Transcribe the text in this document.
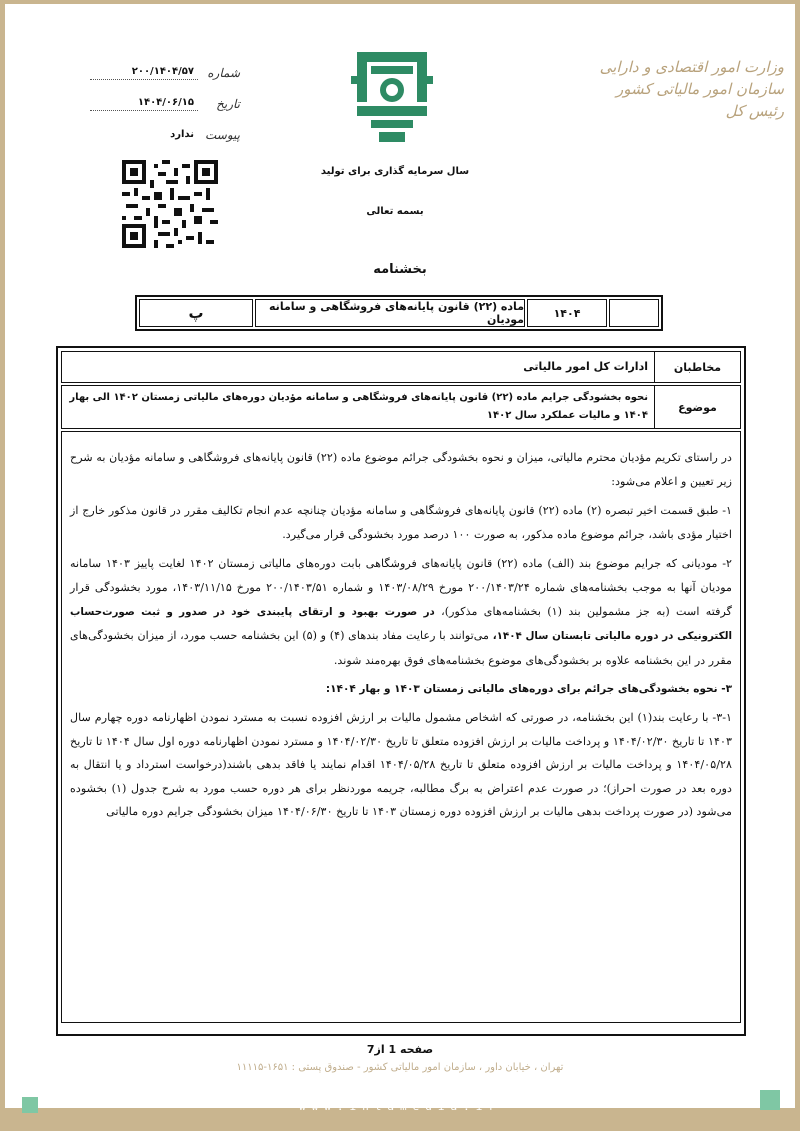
وزارت امور اقتصادی و دارایی
سازمان امور مالیاتی کشور
رئیس کل
سال سرمایه گذاری برای تولید
بسمه تعالی
بخشنامه
شماره
۲۰۰/۱۴۰۴/۵۷
تاریخ
۱۴۰۴/۰۶/۱۵
پیوست
ندارد
۱۴۰۴
ماده (۲۲) قانون پایانه‌های فروشگاهی و سامانه مودیان
پ
مخاطبان
ادارات کل امور مالیاتی
موضوع
نحوه بخشودگی جرایم ماده (۲۲) قانون پایانه‌های فروشگاهی و سامانه مؤدیان دوره‌های مالیاتی زمستان ۱۴۰۲ الی بهار ۱۴۰۴ و مالیات عملکرد سال ۱۴۰۲

در راستای تکریم مؤدیان محترم مالیاتی، میزان و نحوه بخشودگی جرائم موضوع ماده (۲۲) قانون پایانه‌های فروشگاهی و سامانه مؤدیان به شرح زیر تعیین و اعلام می‌شود:

۱- طبق قسمت اخیر تبصره (۲) ماده (۲۲) قانون پایانه‌های فروشگاهی و سامانه مؤدیان چنانچه عدم انجام تکالیف مقرر در قانون مذکور خارج از اختیار مؤدی باشد، جرائم موضوع ماده مذکور، به صورت ۱۰۰ درصد مورد بخشودگی قرار می‌گیرد.

۲- مودیانی که جرایم موضوع بند (الف) ماده (۲۲) قانون پایانه‌های فروشگاهی بابت دوره‌های مالیاتی زمستان ۱۴۰۲ لغایت پاییز ۱۴۰۳ سامانه مودیان آنها به موجب بخشنامه‌های شماره ۲۰۰/۱۴۰۳/۲۴ مورخ ۱۴۰۳/۰۸/۲۹ و شماره ۲۰۰/۱۴۰۳/۵۱ مورخ ۱۴۰۳/۱۱/۱۵، مورد بخشودگی قرار گرفته است (به جز مشمولین بند (۱) بخشنامه‌های مذکور)، در صورت بهبود و ارتقای پایبندی خود در صدور و ثبت صورت‌حساب الکترونیکی در دوره مالیاتی تابستان سال ۱۴۰۴، می‌توانند با رعایت مفاد بندهای (۴) و (۵) این بخشنامه حسب مورد، از میزان بخشودگی‌های مقرر در این بخشنامه علاوه بر بخشودگی‌های موضوع بخشنامه‌های فوق بهره‌مند شوند.

۳- نحوه بخشودگی‌های جرائم برای دوره‌های مالیاتی زمستان ۱۴۰۳ و بهار ۱۴۰۴:

۳-۱- با رعایت بند(۱) این بخشنامه، در صورتی که اشخاص مشمول مالیات بر ارزش افزوده نسبت به مسترد نمودن اظهارنامه دوره چهارم سال ۱۴۰۳ تا تاریخ ۱۴۰۴/۰۲/۳۰ و پرداخت مالیات بر ارزش افزوده متعلق تا تاریخ ۱۴۰۴/۰۲/۳۰ و مسترد نمودن اظهارنامه دوره اول سال ۱۴۰۴ تا تاریخ ۱۴۰۴/۰۵/۲۸ و پرداخت مالیات بر ارزش افزوده متعلق تا تاریخ ۱۴۰۴/۰۵/۲۸ اقدام نمایند یا فاقد بدهی باشند(درخواست استرداد و یا انتقال به دوره بعد در صورت احراز)؛ در صورت عدم اعتراض به برگ مطالبه، جریمه موردنظر برای هر دوره حسب مورد به شرح جدول (۱) بخشوده می‌شود (در صورت پرداخت بدهی مالیات بر ارزش افزوده دوره زمستان ۱۴۰۳ تا تاریخ ۱۴۰۴/۰۶/۳۰ میزان بخشودگی جرایم دوره مالیاتی

صفحه 1 از7
تهران ، خیابان داور ، سازمان امور مالیاتی کشور - صندوق پستی : ۱۶۵۱-۱۱۱۱۵
www.intamedia.ir
